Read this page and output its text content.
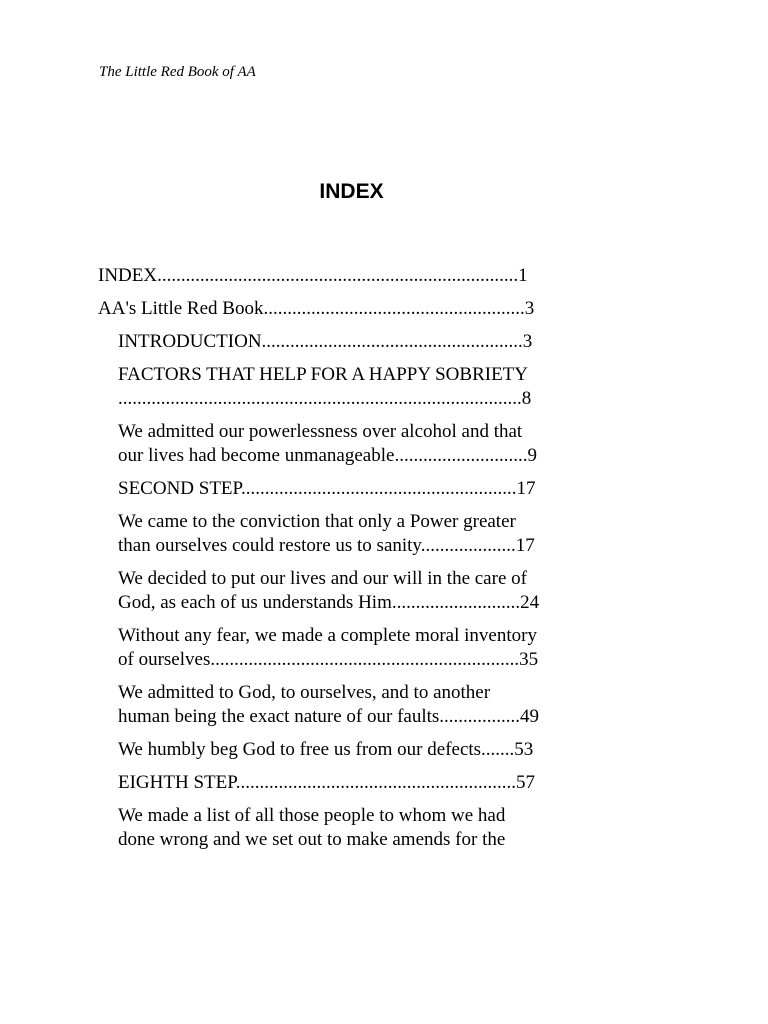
The Little Red Book of AA
INDEX
INDEX............................................................................1
AA's Little Red Book.......................................................3
INTRODUCTION.......................................................3
FACTORS THAT HELP FOR A HAPPY SOBRIETY
.....................................................................................8
We admitted our powerlessness over alcohol and that
our lives had become unmanageable............................9
SECOND STEP..........................................................17
We came to the conviction that only a Power greater
than ourselves could restore us to sanity....................17
We decided to put our lives and our will in the care of
God, as each of us understands Him...........................24
Without any fear, we made a complete moral inventory
of ourselves.................................................................35
We admitted to God, to ourselves, and to another
human being the exact nature of our faults.................49
We humbly beg God to free us from our defects.......53
EIGHTH STEP...........................................................57
We made a list of all those people to whom we had
done wrong and we set out to make amends for the
